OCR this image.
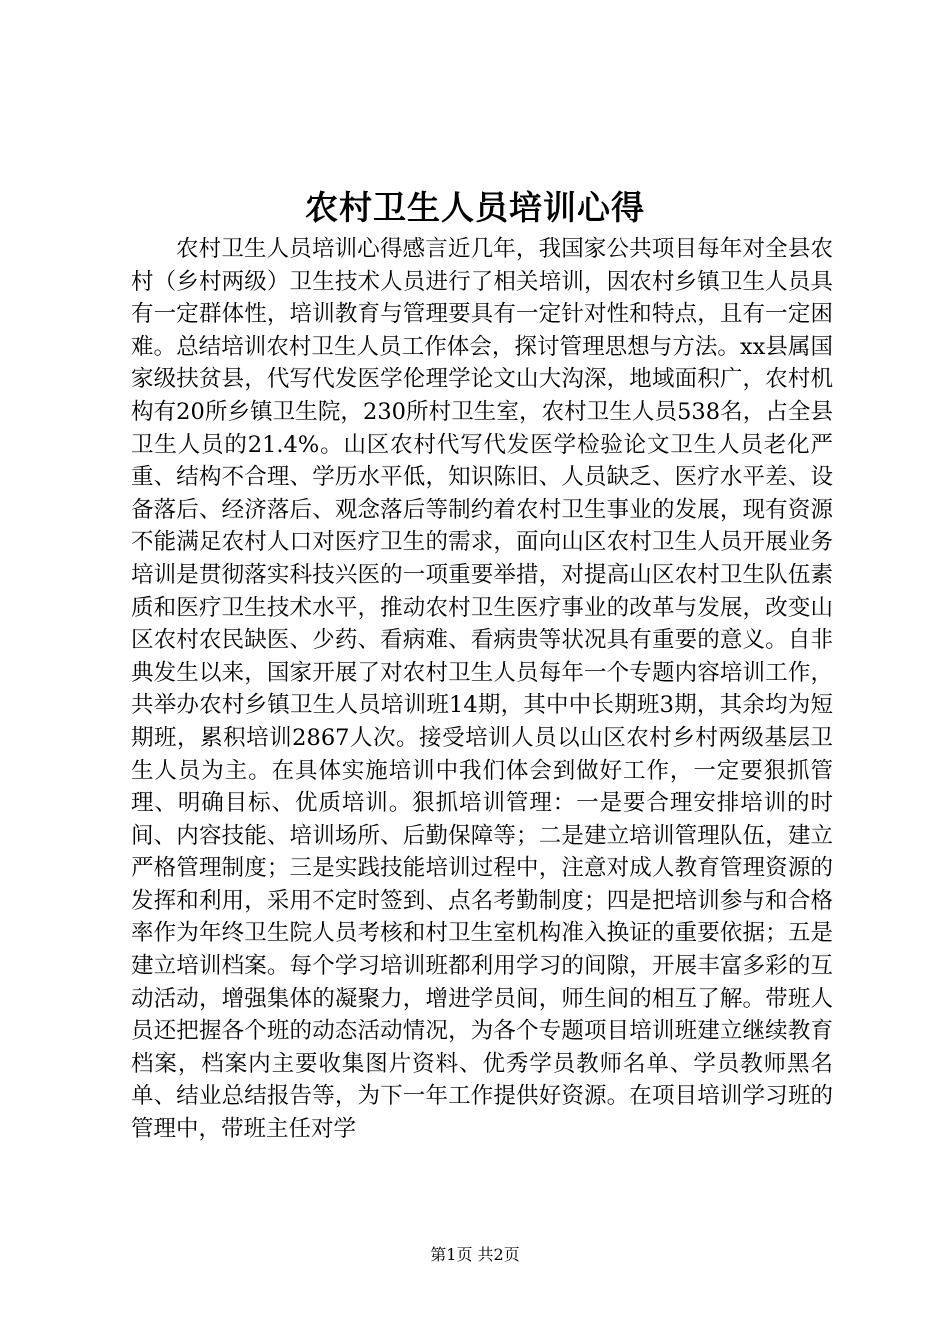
农村卫生人员培训心得

农村卫生人员培训心得感言近几年，我国家公共项目每年对全县农村（乡村两级）卫生技术人员进行了相关培训，因农村乡镇卫生人员具有一定群体性，培训教育与管理要具有一定针对性和特点，且有一定困难。总结培训农村卫生人员工作体会，探讨管理思想与方法。xx县属国家级扶贫县，代写代发医学伦理学论文山大沟深，地域面积广，农村机构有20所乡镇卫生院，230所村卫生室，农村卫生人员538名，占全县卫生人员的21.4%。山区农村代写代发医学检验论文卫生人员老化严重、结构不合理、学历水平低，知识陈旧、人员缺乏、医疗水平差、设备落后、经济落后、观念落后等制约着农村卫生事业的发展，现有资源不能满足农村人口对医疗卫生的需求，面向山区农村卫生人员开展业务培训是贯彻落实科技兴医的一项重要举措，对提高山区农村卫生队伍素质和医疗卫生技术水平，推动农村卫生医疗事业的改革与发展，改变山区农村农民缺医、少药、看病难、看病贵等状况具有重要的意义。自非典发生以来，国家开展了对农村卫生人员每年一个专题内容培训工作，共举办农村乡镇卫生人员培训班14期，其中中长期班3期，其余均为短期班，累积培训2867人次。接受培训人员以山区农村乡村两级基层卫生人员为主。在具体实施培训中我们体会到做好工作，一定要狠抓管理、明确目标、优质培训。狠抓培训管理：一是要合理安排培训的时间、内容技能、培训场所、后勤保障等；二是建立培训管理队伍，建立严格管理制度；三是实践技能培训过程中，注意对成人教育管理资源的发挥和利用，采用不定时签到、点名考勤制度；四是把培训参与和合格率作为年终卫生院人员考核和村卫生室机构准入换证的重要依据；五是建立培训档案。每个学习培训班都利用学习的间隙，开展丰富多彩的互动活动，增强集体的凝聚力，增进学员间，师生间的相互了解。带班人员还把握各个班的动态活动情况，为各个专题项目培训班建立继续教育档案，档案内主要收集图片资料、优秀学员教师名单、学员教师黑名单、结业总结报告等，为下一年工作提供好资源。在项目培训学习班的管理中，带班主任对学

第1页 共2页
